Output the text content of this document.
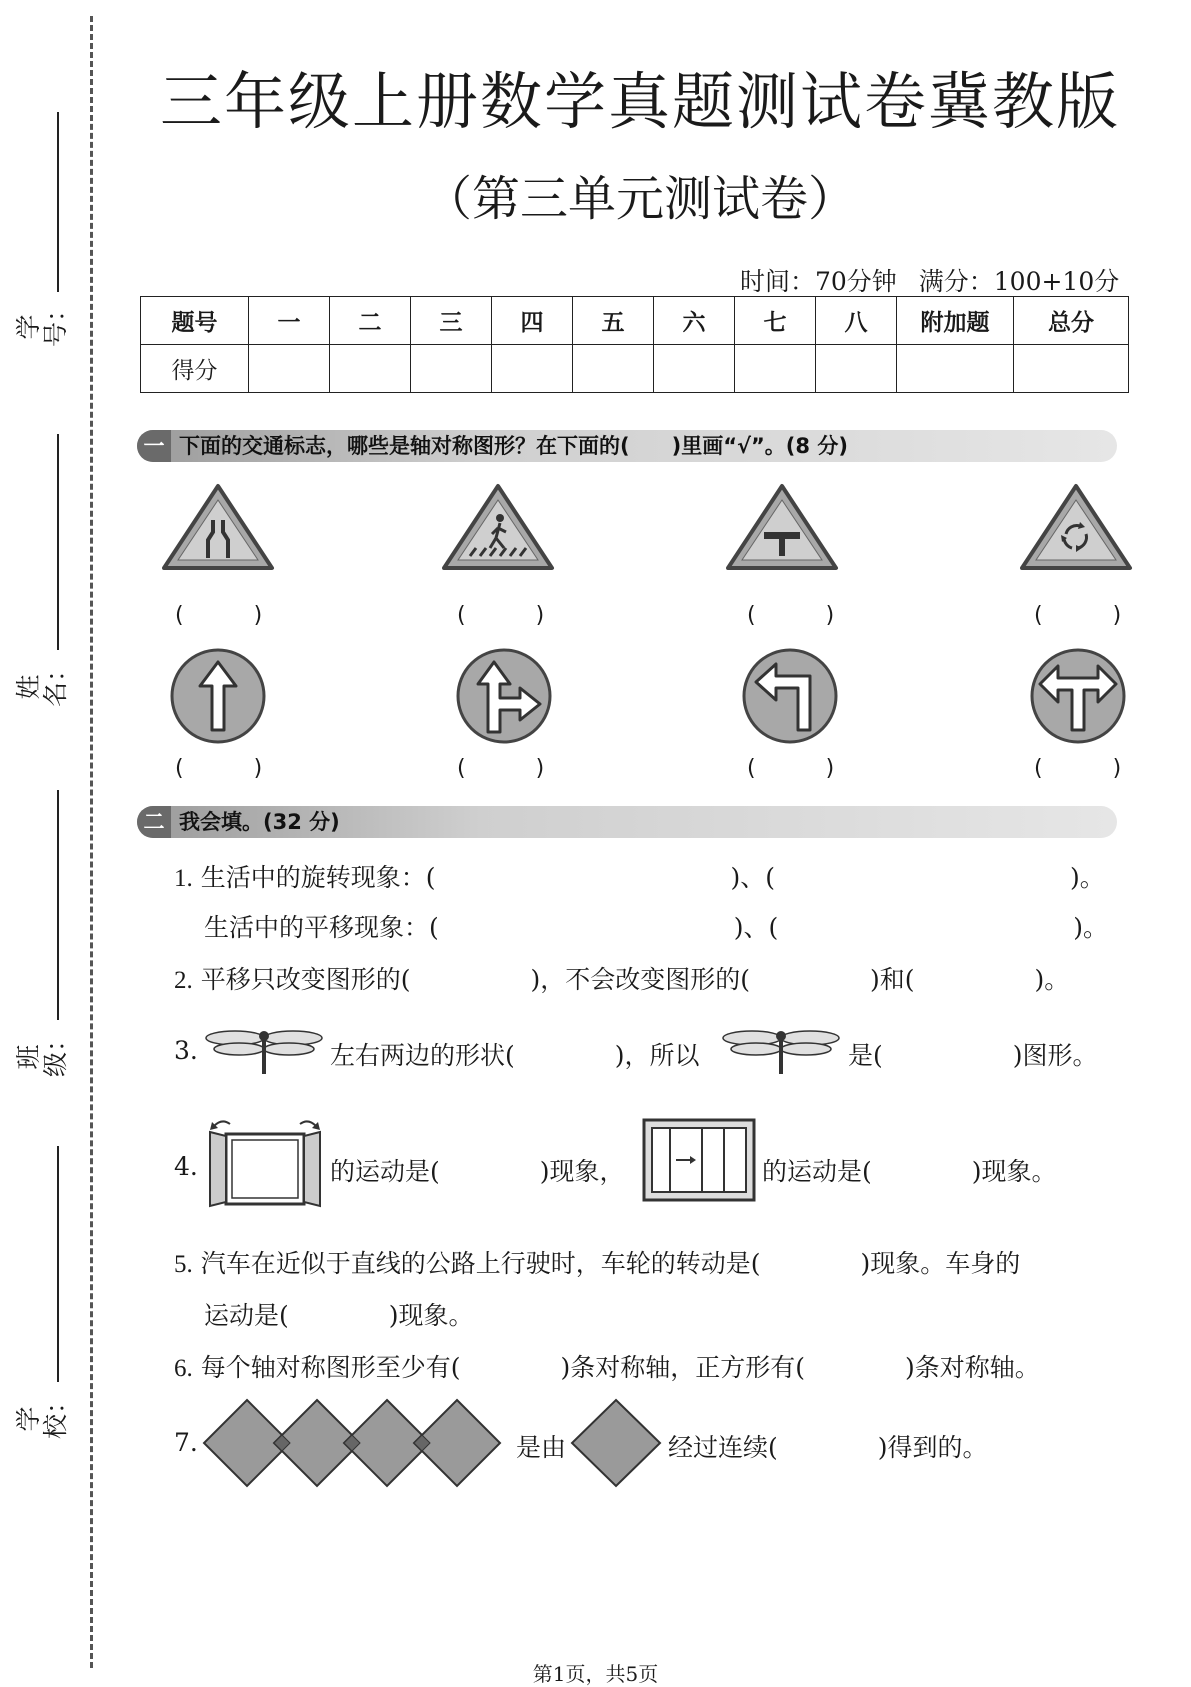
学号：
姓名：
班级：
学校：
三年级上册数学真题测试卷冀教版
（第三单元测试卷）
时间：70分钟 满分：100+10分
题号	一	二	三	四	五	六	七	八	附加题	总分
得分										
一 下面的交通标志，哪些是轴对称图形？在下面的(　　)里画“√”。(8 分)
(	)	(	)	(	)	(	)
(	)	(	)	(	)	(	)
二 我会填。(32 分)
1. 生活中的旋转现象：(	)、(	)。
生活中的平移现象：(	)、(	)。
2. 平移只改变图形的(	)，不会改变图形的(	)和(	)。
3.	左右两边的形状(	)，所以	是(	)图形。
4.	的运动是(	)现象，	的运动是(	)现象。
5. 汽车在近似于直线的公路上行驶时，车轮的转动是(	)现象。车身的
运动是(	)现象。
6. 每个轴对称图形至少有(	)条对称轴，正方形有(	)条对称轴。
7.	是由	经过连续(	)得到的。
第1页，共5页
